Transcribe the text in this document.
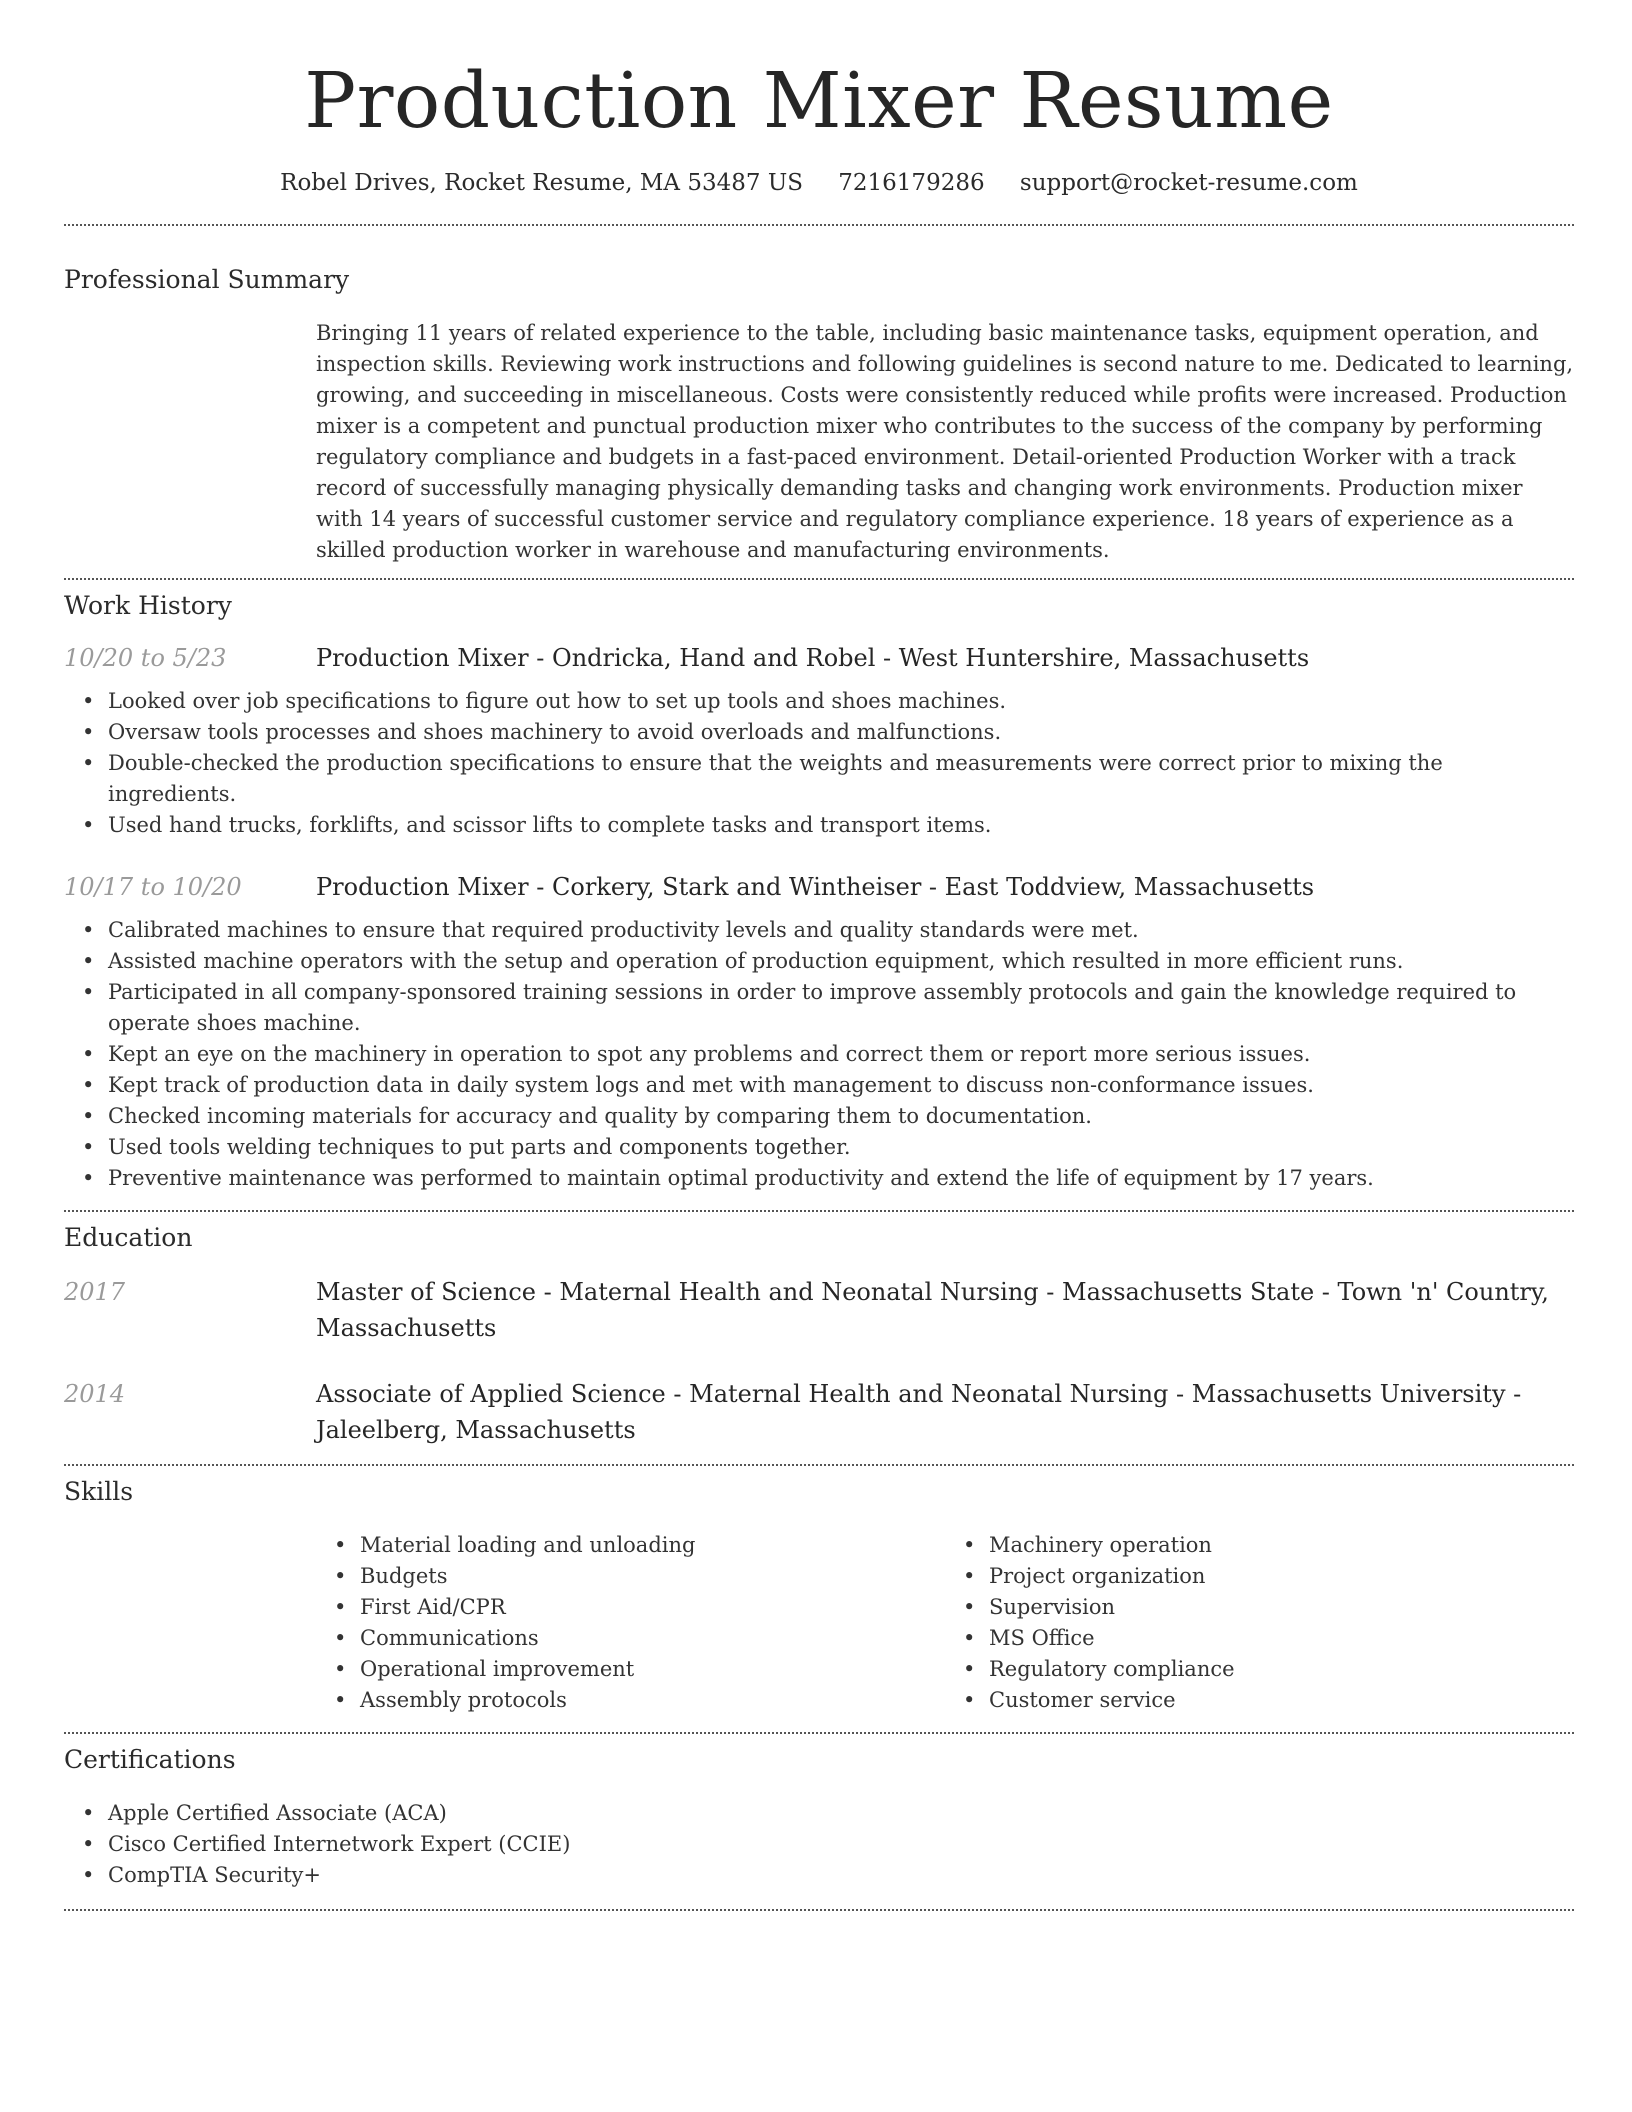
Production Mixer Resume
Robel Drives, Rocket Resume, MA 53487 US 7216179286 support@rocket-resume.com
Professional Summary
Bringing 11 years of related experience to the table, including basic maintenance tasks, equipment operation, and inspection skills. Reviewing work instructions and following guidelines is second nature to me. Dedicated to learning, growing, and succeeding in miscellaneous. Costs were consistently reduced while profits were increased. Production mixer is a competent and punctual production mixer who contributes to the success of the company by performing regulatory compliance and budgets in a fast-paced environment. Detail-oriented Production Worker with a track record of successfully managing physically demanding tasks and changing work environments. Production mixer with 14 years of successful customer service and regulatory compliance experience. 18 years of experience as a skilled production worker in warehouse and manufacturing environments.
Work History
10/20 to 5/23	Production Mixer - Ondricka, Hand and Robel - West Huntershire, Massachusetts
• Looked over job specifications to figure out how to set up tools and shoes machines.
• Oversaw tools processes and shoes machinery to avoid overloads and malfunctions.
• Double-checked the production specifications to ensure that the weights and measurements were correct prior to mixing the ingredients.
• Used hand trucks, forklifts, and scissor lifts to complete tasks and transport items.
10/17 to 10/20	Production Mixer - Corkery, Stark and Wintheiser - East Toddview, Massachusetts
• Calibrated machines to ensure that required productivity levels and quality standards were met.
• Assisted machine operators with the setup and operation of production equipment, which resulted in more efficient runs.
• Participated in all company-sponsored training sessions in order to improve assembly protocols and gain the knowledge required to operate shoes machine.
• Kept an eye on the machinery in operation to spot any problems and correct them or report more serious issues.
• Kept track of production data in daily system logs and met with management to discuss non-conformance issues.
• Checked incoming materials for accuracy and quality by comparing them to documentation.
• Used tools welding techniques to put parts and components together.
• Preventive maintenance was performed to maintain optimal productivity and extend the life of equipment by 17 years.
Education
2017	Master of Science - Maternal Health and Neonatal Nursing - Massachusetts State - Town 'n' Country, Massachusetts
2014	Associate of Applied Science - Maternal Health and Neonatal Nursing - Massachusetts University - Jaleelberg, Massachusetts
Skills
• Material loading and unloading
• Budgets
• First Aid/CPR
• Communications
• Operational improvement
• Assembly protocols
• Machinery operation
• Project organization
• Supervision
• MS Office
• Regulatory compliance
• Customer service
Certifications
• Apple Certified Associate (ACA)
• Cisco Certified Internetwork Expert (CCIE)
• CompTIA Security+
